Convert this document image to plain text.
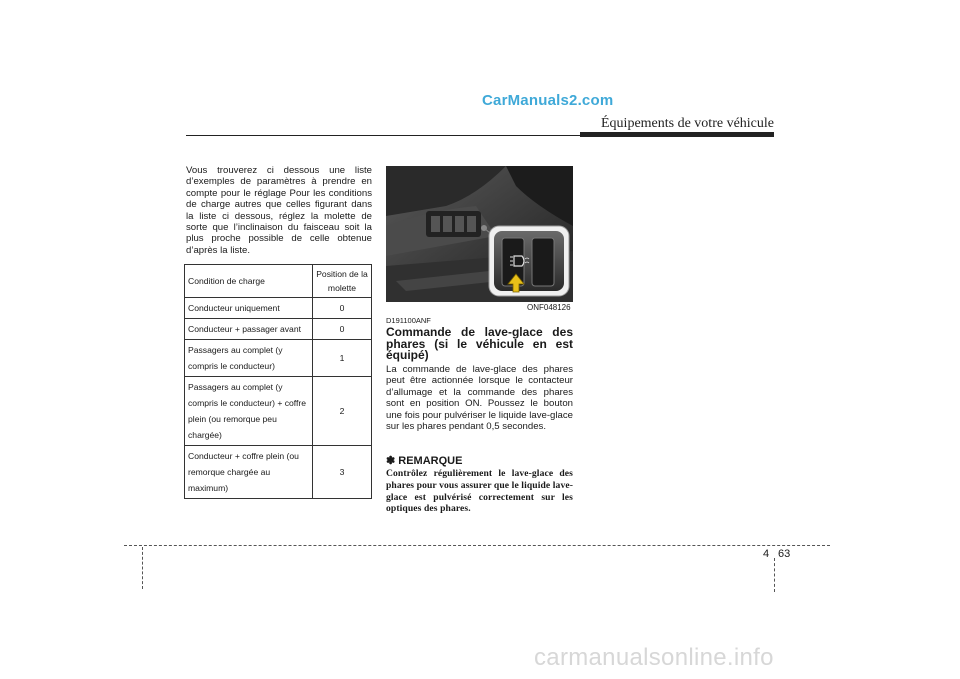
CarManuals2.com
Équipements de votre véhicule
Vous trouverez ci dessous une liste d’exemples de paramètres à prendre en compte pour le réglage Pour les conditions de charge autres que celles figurant dans la liste ci dessous, réglez la molette de sorte que l’inclinaison du faisceau soit la plus proche possible de celle obtenue d’après la liste.
Condition de charge	Position de la molette
Conducteur uniquement	0
Conducteur + passager avant	0
Passagers au complet (y compris le conducteur)	1
Passagers au complet (y compris le conducteur) + coffre plein (ou remorque peu chargée)	2
Conducteur + coffre plein (ou remorque chargée au maximum)	3
ONF048126
D191100ANF
Commande de lave-glace des phares (si le véhicule en est équipé)
La commande de lave-glace des phares peut être actionnée lorsque le contacteur d’allumage et la commande des phares sont en position ON. Poussez le bouton une fois pour pulvériser le liquide lave-glace sur les phares pendant 0,5 secondes.
✽ REMARQUE
Contrôlez régulièrement le lave-glace des phares pour vous assurer que le liquide lave-glace est pulvérisé correctement sur les optiques des phares.
4 63
carmanualsonline.info
